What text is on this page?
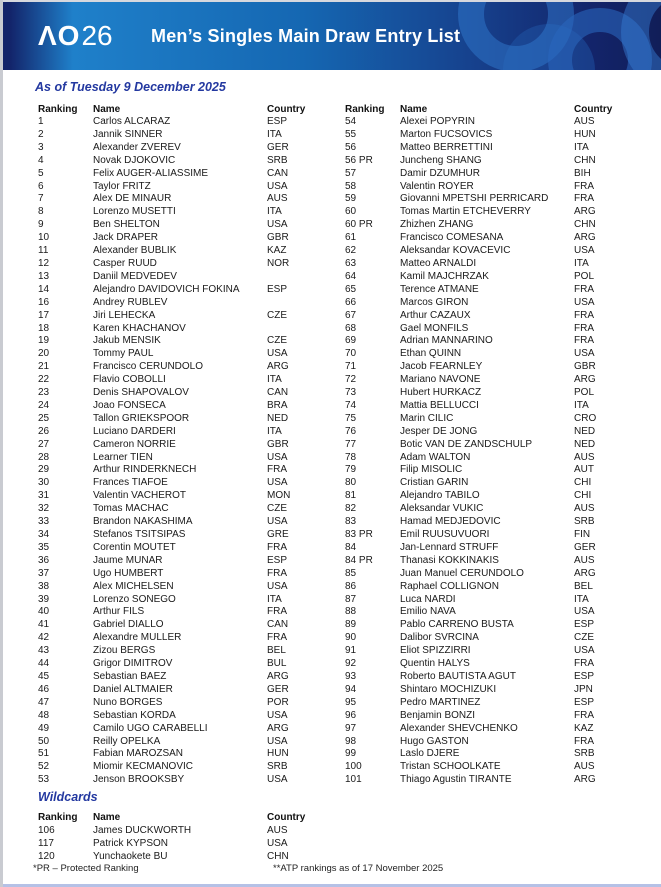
ΛO26 Men’s Singles Main Draw Entry List
As of Tuesday 9 December 2025
Ranking	Name	Country
1	Carlos ALCARAZ	ESP
2	Jannik SINNER	ITA
3	Alexander ZVEREV	GER
4	Novak DJOKOVIC	SRB
5	Felix AUGER-ALIASSIME	CAN
6	Taylor FRITZ	USA
7	Alex DE MINAUR	AUS
8	Lorenzo MUSETTI	ITA
9	Ben SHELTON	USA
10	Jack DRAPER	GBR
11	Alexander BUBLIK	KAZ
12	Casper RUUD	NOR
13	Daniil MEDVEDEV
14	Alejandro DAVIDOVICH FOKINA	ESP
16	Andrey RUBLEV
17	Jiri LEHECKA	CZE
18	Karen KHACHANOV
19	Jakub MENSIK	CZE
20	Tommy PAUL	USA
21	Francisco CERUNDOLO	ARG
22	Flavio COBOLLI	ITA
23	Denis SHAPOVALOV	CAN
24	Joao FONSECA	BRA
25	Tallon GRIEKSPOOR	NED
26	Luciano DARDERI	ITA
27	Cameron NORRIE	GBR
28	Learner TIEN	USA
29	Arthur RINDERKNECH	FRA
30	Frances TIAFOE	USA
31	Valentin VACHEROT	MON
32	Tomas MACHAC	CZE
33	Brandon NAKASHIMA	USA
34	Stefanos TSITSIPAS	GRE
35	Corentin MOUTET	FRA
36	Jaume MUNAR	ESP
37	Ugo HUMBERT	FRA
38	Alex MICHELSEN	USA
39	Lorenzo SONEGO	ITA
40	Arthur FILS	FRA
41	Gabriel DIALLO	CAN
42	Alexandre MULLER	FRA
43	Zizou BERGS	BEL
44	Grigor DIMITROV	BUL
45	Sebastian BAEZ	ARG
46	Daniel ALTMAIER	GER
47	Nuno BORGES	POR
48	Sebastian KORDA	USA
49	Camilo UGO CARABELLI	ARG
50	Reilly OPELKA	USA
51	Fabian MAROZSAN	HUN
52	Miomir KECMANOVIC	SRB
53	Jenson BROOKSBY	USA
Ranking	Name	Country
54	Alexei POPYRIN	AUS
55	Marton FUCSOVICS	HUN
56	Matteo BERRETTINI	ITA
56 PR	Juncheng SHANG	CHN
57	Damir DZUMHUR	BIH
58	Valentin ROYER	FRA
59	Giovanni MPETSHI PERRICARD	FRA
60	Tomas Martin ETCHEVERRY	ARG
60 PR	Zhizhen ZHANG	CHN
61	Francisco COMESANA	ARG
62	Aleksandar KOVACEVIC	USA
63	Matteo ARNALDI	ITA
64	Kamil MAJCHRZAK	POL
65	Terence ATMANE	FRA
66	Marcos GIRON	USA
67	Arthur CAZAUX	FRA
68	Gael MONFILS	FRA
69	Adrian MANNARINO	FRA
70	Ethan QUINN	USA
71	Jacob FEARNLEY	GBR
72	Mariano NAVONE	ARG
73	Hubert HURKACZ	POL
74	Mattia BELLUCCI	ITA
75	Marin CILIC	CRO
76	Jesper DE JONG	NED
77	Botic VAN DE ZANDSCHULP	NED
78	Adam WALTON	AUS
79	Filip MISOLIC	AUT
80	Cristian GARIN	CHI
81	Alejandro TABILO	CHI
82	Aleksandar VUKIC	AUS
83	Hamad MEDJEDOVIC	SRB
83 PR	Emil RUUSUVUORI	FIN
84	Jan-Lennard STRUFF	GER
84 PR	Thanasi KOKKINAKIS	AUS
85	Juan Manuel CERUNDOLO	ARG
86	Raphael COLLIGNON	BEL
87	Luca NARDI	ITA
88	Emilio NAVA	USA
89	Pablo CARRENO BUSTA	ESP
90	Dalibor SVRCINA	CZE
91	Eliot SPIZZIRRI	USA
92	Quentin HALYS	FRA
93	Roberto BAUTISTA AGUT	ESP
94	Shintaro MOCHIZUKI	JPN
95	Pedro MARTINEZ	ESP
96	Benjamin BONZI	FRA
97	Alexander SHEVCHENKO	KAZ
98	Hugo GASTON	FRA
99	Laslo DJERE	SRB
100	Tristan SCHOOLKATE	AUS
101	Thiago Agustin TIRANTE	ARG
Wildcards
Ranking	Name	Country
106	James DUCKWORTH	AUS
117	Patrick KYPSON	USA
120	Yunchaokete BU	CHN
*PR – Protected Ranking	**ATP rankings as of 17 November 2025
